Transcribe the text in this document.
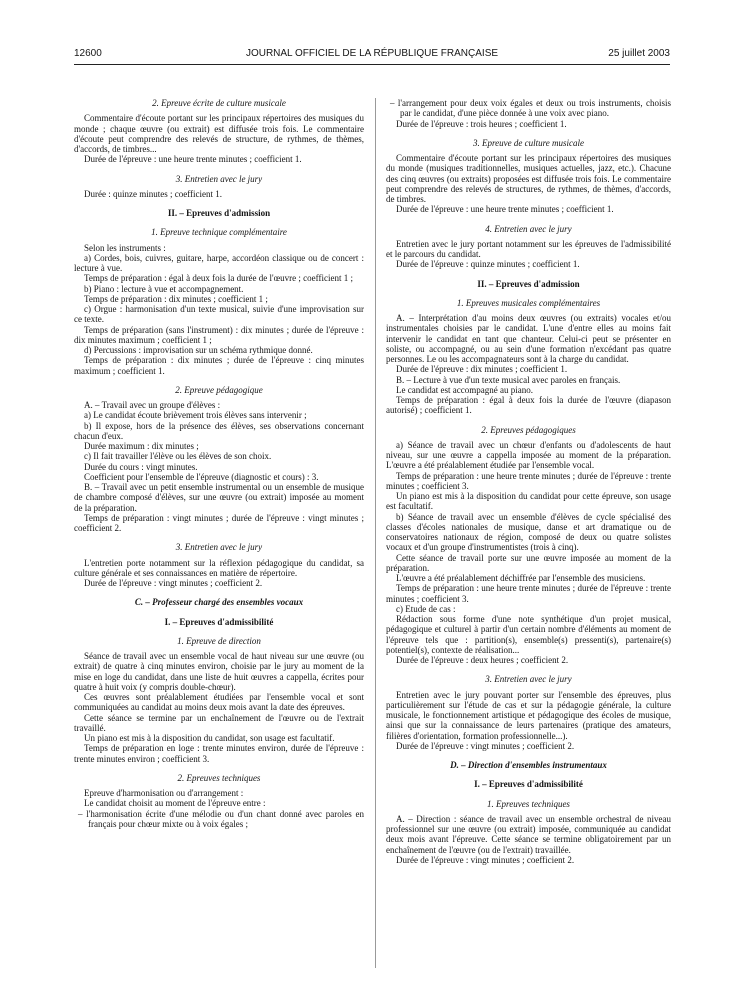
12600	JOURNAL OFFICIEL DE LA RÉPUBLIQUE FRANÇAISE	25 juillet 2003
2. Epreuve écrite de culture musicale

Commentaire d'écoute portant sur les principaux répertoires des musiques du monde ; chaque œuvre (ou extrait) est diffusée trois fois. Le commentaire d'écoute peut comprendre des relevés de structure, de rythmes, de thèmes, d'accords, de timbres...

Durée de l'épreuve : une heure trente minutes ; coefficient 1.

3. Entretien avec le jury

Durée : quinze minutes ; coefficient 1.

II. – Epreuves d'admission
1. Epreuve technique complémentaire

Selon les instruments :

a) Cordes, bois, cuivres, guitare, harpe, accordéon classique ou de concert : lecture à vue.

Temps de préparation : égal à deux fois la durée de l'œuvre ; coefficient 1 ;

b) Piano : lecture à vue et accompagnement.

Temps de préparation : dix minutes ; coefficient 1 ;

c) Orgue : harmonisation d'un texte musical, suivie d'une improvisation sur ce texte.

Temps de préparation (sans l'instrument) : dix minutes ; durée de l'épreuve : dix minutes maximum ; coefficient 1 ;

d) Percussions : improvisation sur un schéma rythmique donné.

Temps de préparation : dix minutes ; durée de l'épreuve : cinq minutes maximum ; coefficient 1.

2. Epreuve pédagogique

A. – Travail avec un groupe d'élèves :

a) Le candidat écoute brièvement trois élèves sans intervenir ;

b) Il expose, hors de la présence des élèves, ses observations concernant chacun d'eux.

Durée maximum : dix minutes ;

c) Il fait travailler l'élève ou les élèves de son choix.

Durée du cours : vingt minutes.

Coefficient pour l'ensemble de l'épreuve (diagnostic et cours) : 3.

B. – Travail avec un petit ensemble instrumental ou un ensemble de musique de chambre composé d'élèves, sur une œuvre (ou extrait) imposée au moment de la préparation.

Temps de préparation : vingt minutes ; durée de l'épreuve : vingt minutes ; coefficient 2.

3. Entretien avec le jury

L'entretien porte notamment sur la réflexion pédagogique du candidat, sa culture générale et ses connaissances en matière de répertoire.

Durée de l'épreuve : vingt minutes ; coefficient 2.

C. – Professeur chargé des ensembles vocaux
I. – Epreuves d'admissibilité
1. Epreuve de direction

Séance de travail avec un ensemble vocal de haut niveau sur une œuvre (ou extrait) de quatre à cinq minutes environ, choisie par le jury au moment de la mise en loge du candidat, dans une liste de huit œuvres a cappella, écrites pour quatre à huit voix (y compris double-chœur).

Ces œuvres sont préalablement étudiées par l'ensemble vocal et sont communiquées au candidat au moins deux mois avant la date des épreuves.

Cette séance se termine par un enchaînement de l'œuvre ou de l'extrait travaillé.

Un piano est mis à la disposition du candidat, son usage est facultatif.

Temps de préparation en loge : trente minutes environ, durée de l'épreuve : trente minutes environ ; coefficient 3.

2. Epreuves techniques

Epreuve d'harmonisation ou d'arrangement :

Le candidat choisit au moment de l'épreuve entre :

– l'harmonisation écrite d'une mélodie ou d'un chant donné avec paroles en français pour chœur mixte ou à voix égales ;

– l'arrangement pour deux voix égales et deux ou trois instruments, choisis par le candidat, d'une pièce donnée à une voix avec piano.

Durée de l'épreuve : trois heures ; coefficient 1.

3. Epreuve de culture musicale

Commentaire d'écoute portant sur les principaux répertoires des musiques du monde (musiques traditionnelles, musiques actuelles, jazz, etc.). Chacune des cinq œuvres (ou extraits) proposées est diffusée trois fois. Le commentaire peut comprendre des relevés de structures, de rythmes, de thèmes, d'accords, de timbres.

Durée de l'épreuve : une heure trente minutes ; coefficient 1.

4. Entretien avec le jury

Entretien avec le jury portant notamment sur les épreuves de l'admissibilité et le parcours du candidat.

Durée de l'épreuve : quinze minutes ; coefficient 1.

II. – Epreuves d'admission
1. Epreuves musicales complémentaires

A. – Interprétation d'au moins deux œuvres (ou extraits) vocales et/ou instrumentales choisies par le candidat. L'une d'entre elles au moins fait intervenir le candidat en tant que chanteur. Celui-ci peut se présenter en soliste, ou accompagné, ou au sein d'une formation n'excédant pas quatre personnes. Le ou les accompagnateurs sont à la charge du candidat.

Durée de l'épreuve : dix minutes ; coefficient 1.

B. – Lecture à vue d'un texte musical avec paroles en français.

Le candidat est accompagné au piano.

Temps de préparation : égal à deux fois la durée de l'œuvre (diapason autorisé) ; coefficient 1.

2. Epreuves pédagogiques

a) Séance de travail avec un chœur d'enfants ou d'adolescents de haut niveau, sur une œuvre a cappella imposée au moment de la préparation. L'œuvre a été préalablement étudiée par l'ensemble vocal.

Temps de préparation : une heure trente minutes ; durée de l'épreuve : trente minutes ; coefficient 3.

Un piano est mis à la disposition du candidat pour cette épreuve, son usage est facultatif.

b) Séance de travail avec un ensemble d'élèves de cycle spécialisé des classes d'écoles nationales de musique, danse et art dramatique ou de conservatoires nationaux de région, composé de deux ou quatre solistes vocaux et d'un groupe d'instrumentistes (trois à cinq).

Cette séance de travail porte sur une œuvre imposée au moment de la préparation.

L'œuvre a été préalablement déchiffrée par l'ensemble des musiciens.

Temps de préparation : une heure trente minutes ; durée de l'épreuve : trente minutes ; coefficient 3.

c) Etude de cas :

Rédaction sous forme d'une note synthétique d'un projet musical, pédagogique et culturel à partir d'un certain nombre d'éléments au moment de l'épreuve tels que : partition(s), ensemble(s) pressenti(s), partenaire(s) potentiel(s), contexte de réalisation...

Durée de l'épreuve : deux heures ; coefficient 2.

3. Entretien avec le jury

Entretien avec le jury pouvant porter sur l'ensemble des épreuves, plus particulièrement sur l'étude de cas et sur la pédagogie générale, la culture musicale, le fonctionnement artistique et pédagogique des écoles de musique, ainsi que sur la connaissance de leurs partenaires (pratique des amateurs, filières d'orientation, formation professionnelle...).

Durée de l'épreuve : vingt minutes ; coefficient 2.

D. – Direction d'ensembles instrumentaux
I. – Epreuves d'admissibilité
1. Epreuves techniques

A. – Direction : séance de travail avec un ensemble orchestral de niveau professionnel sur une œuvre (ou extrait) imposée, communiquée au candidat deux mois avant l'épreuve. Cette séance se termine obligatoirement par un enchaînement de l'œuvre (ou de l'extrait) travaillée.

Durée de l'épreuve : vingt minutes ; coefficient 2.
